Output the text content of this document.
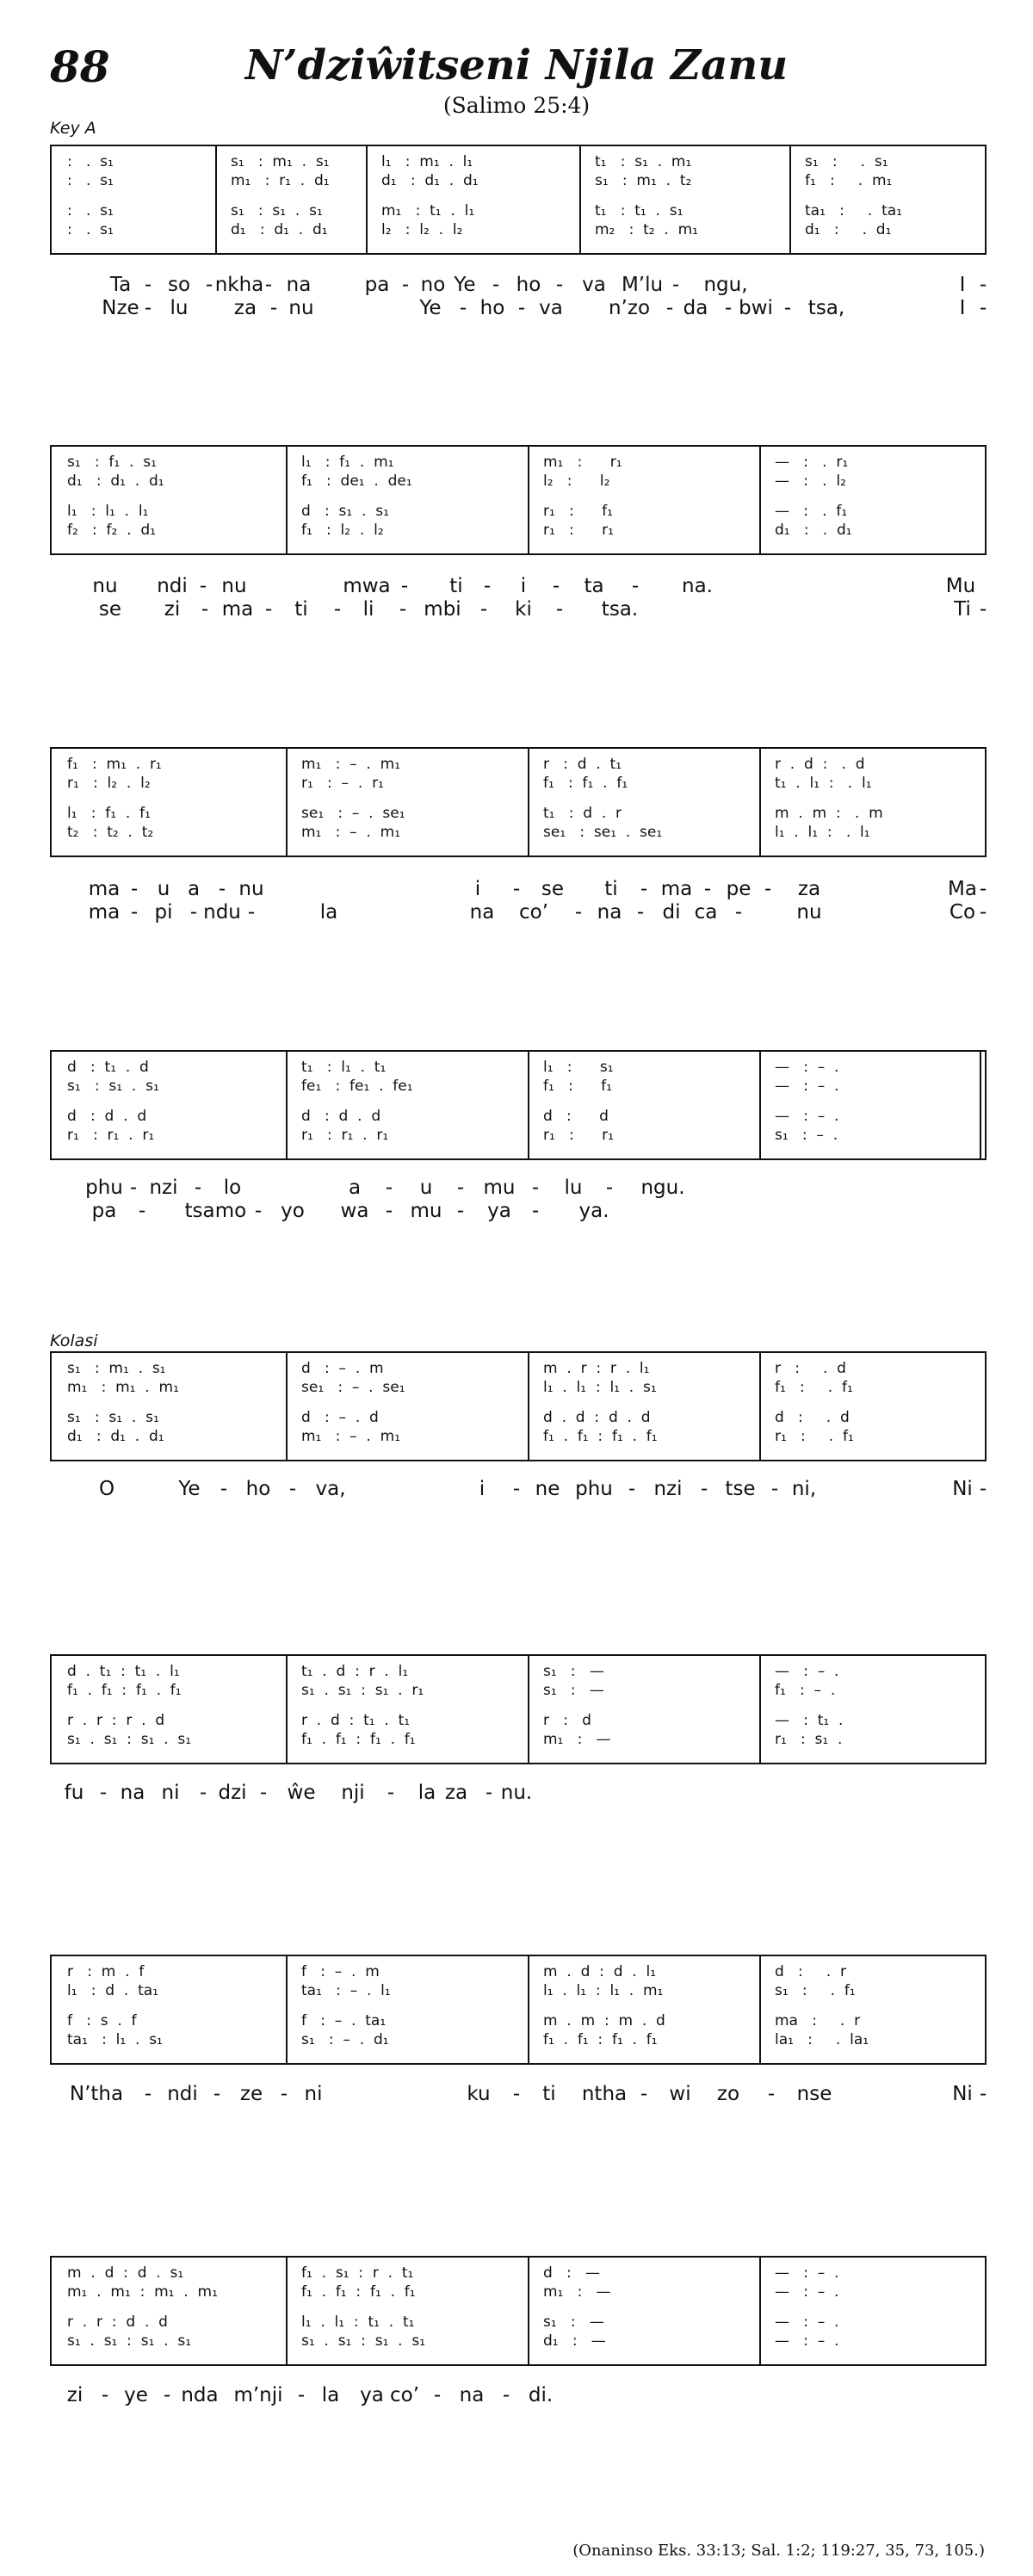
88	N’dziŵitseni Njila Zanu
(Salimo 25:4)
Key A
Kolasi
:   .  s₁	s₁   :  m₁  .  s₁	l₁   :  m₁  .  l₁	t₁   :  s₁  .  m₁	s₁   :     .  s₁
:   .  s₁	m₁   :  r₁  .  d₁	d₁   :  d₁  .  d₁	s₁   :  m₁  .  t₂	f₁   :     .  m₁
:   .  s₁	s₁   :  s₁  .  s₁	m₁   :  t₁  .  l₁	t₁   :  t₁  .  s₁	ta₁   :     .  ta₁
:   .  s₁	d₁   :  d₁  .  d₁	l₂   :  l₂  .  l₂	m₂   :  t₂  .  m₁	d₁   :     .  d₁
s₁   :  f₁  .  s₁	l₁   :  f₁  .  m₁	m₁   :      r₁	—   :   .  r₁
d₁   :  d₁  .  d₁	f₁   :  de₁  .  de₁	l₂   :      l₂	—   :   .  l₂
l₁   :  l₁  .  l₁	d   :  s₁  .  s₁	r₁   :      f₁	—   :   .  f₁
f₂   :  f₂  .  d₁	f₁   :  l₂  .  l₂	r₁   :      r₁	d₁   :   .  d₁
f₁   :  m₁  .  r₁	m₁   :  –  .  m₁	r   :  d  .  t₁	r  .  d  :   .  d
r₁   :  l₂  .  l₂	r₁   :  –  .  r₁	f₁   :  f₁  .  f₁	t₁  .  l₁  :   .  l₁
l₁   :  f₁  .  f₁	se₁   :  –  .  se₁	t₁   :  d  .  r	m  .  m  :   .  m
t₂   :  t₂  .  t₂	m₁   :  –  .  m₁	se₁   :  se₁  .  se₁	l₁  .  l₁  :   .  l₁
d   :  t₁  .  d	t₁   :  l₁  .  t₁	l₁   :      s₁	—   :  –  .
s₁   :  s₁  .  s₁	fe₁   :  fe₁  .  fe₁	f₁   :      f₁	—   :  –  .
d   :  d  .  d	d   :  d  .  d	d   :      d	—   :  –  .
r₁   :  r₁  .  r₁	r₁   :  r₁  .  r₁	r₁   :      r₁	s₁   :  –  .
s₁   :  m₁  .  s₁	d   :  –  .  m	m  .  r  :  r  .  l₁	r   :     .  d
m₁   :  m₁  .  m₁	se₁   :  –  .  se₁	l₁  .  l₁  :  l₁  .  s₁	f₁   :     .  f₁
s₁   :  s₁  .  s₁	d   :  –  .  d	d  .  d  :  d  .  d	d   :     .  d
d₁   :  d₁  .  d₁	m₁   :  –  .  m₁	f₁  .  f₁  :  f₁  .  f₁	r₁   :     .  f₁
d  .  t₁  :  t₁  .  l₁	t₁  .  d  :  r  .  l₁	s₁   :   —	—   :  –  .
f₁  .  f₁  :  f₁  .  f₁	s₁  .  s₁  :  s₁  .  r₁	s₁   :   —	f₁   :  –  .
r  .  r  :  r  .  d	r  .  d  :  t₁  .  t₁	r   :   d	—   :  t₁  .
s₁  .  s₁  :  s₁  .  s₁	f₁  .  f₁  :  f₁  .  f₁	m₁   :   —	r₁   :  s₁  .
r   :  m  .  f	f   :  –  .  m	m  .  d  :  d  .  l₁	d   :     .  r
l₁   :  d  .  ta₁	ta₁   :  –  .  l₁	l₁  .  l₁  :  l₁  .  m₁	s₁   :     .  f₁
f   :  s  .  f	f   :  –  .  ta₁	m  .  m  :  m  .  d	ma   :     .  r
ta₁   :  l₁  .  s₁	s₁   :  –  .  d₁	f₁  .  f₁  :  f₁  .  f₁	la₁   :     .  la₁
m  .  d  :  d  .  s₁	f₁  .  s₁  :  r  .  t₁	d   :   —	—   :  –  .
m₁  .  m₁  :  m₁  .  m₁	f₁  .  f₁  :  f₁  .  f₁	m₁   :   —	—   :  –  .
r  .  r  :  d  .  d	l₁  .  l₁  :  t₁  .  t₁	s₁   :   —	—   :  –  .
s₁  .  s₁  :  s₁  .  s₁	s₁  .  s₁  :  s₁  .  s₁	d₁   :   —	—   :  –  .
(Onaninso Eks. 33:13; Sal. 1:2; 119:27, 35, 73, 105.)
Ta - so - nkha - na	pa - no Ye - ho - va M’lu - ngu,	I -
Nze - lu za - nu	Ye - ho - va n’zo - da - bwi - tsa,	I -
nu ndi - nu	mwa - ti - i - ta - na.	Mu
se zi - ma - ti - li - mbi - ki - tsa.	Ti -
ma - u a - nu	i - se ti - ma - pe - za	Ma -
ma - pi - ndu -	la	na co’ - na - di ca -	nu	Co -
phu - nzi - lo	a - u - mu - lu - ngu.
pa - tsa mo - yo wa - mu - ya - ya.
O	Ye - ho - va,	i - ne phu - nzi - tse - ni,	Ni -
fu - na ni - dzi - ŵe nji - la za - nu.
N’tha - ndi - ze - ni	ku - ti ntha - wi zo - nse	Ni -
zi - ye - nda m’nji - la ya co’ - na - di.
